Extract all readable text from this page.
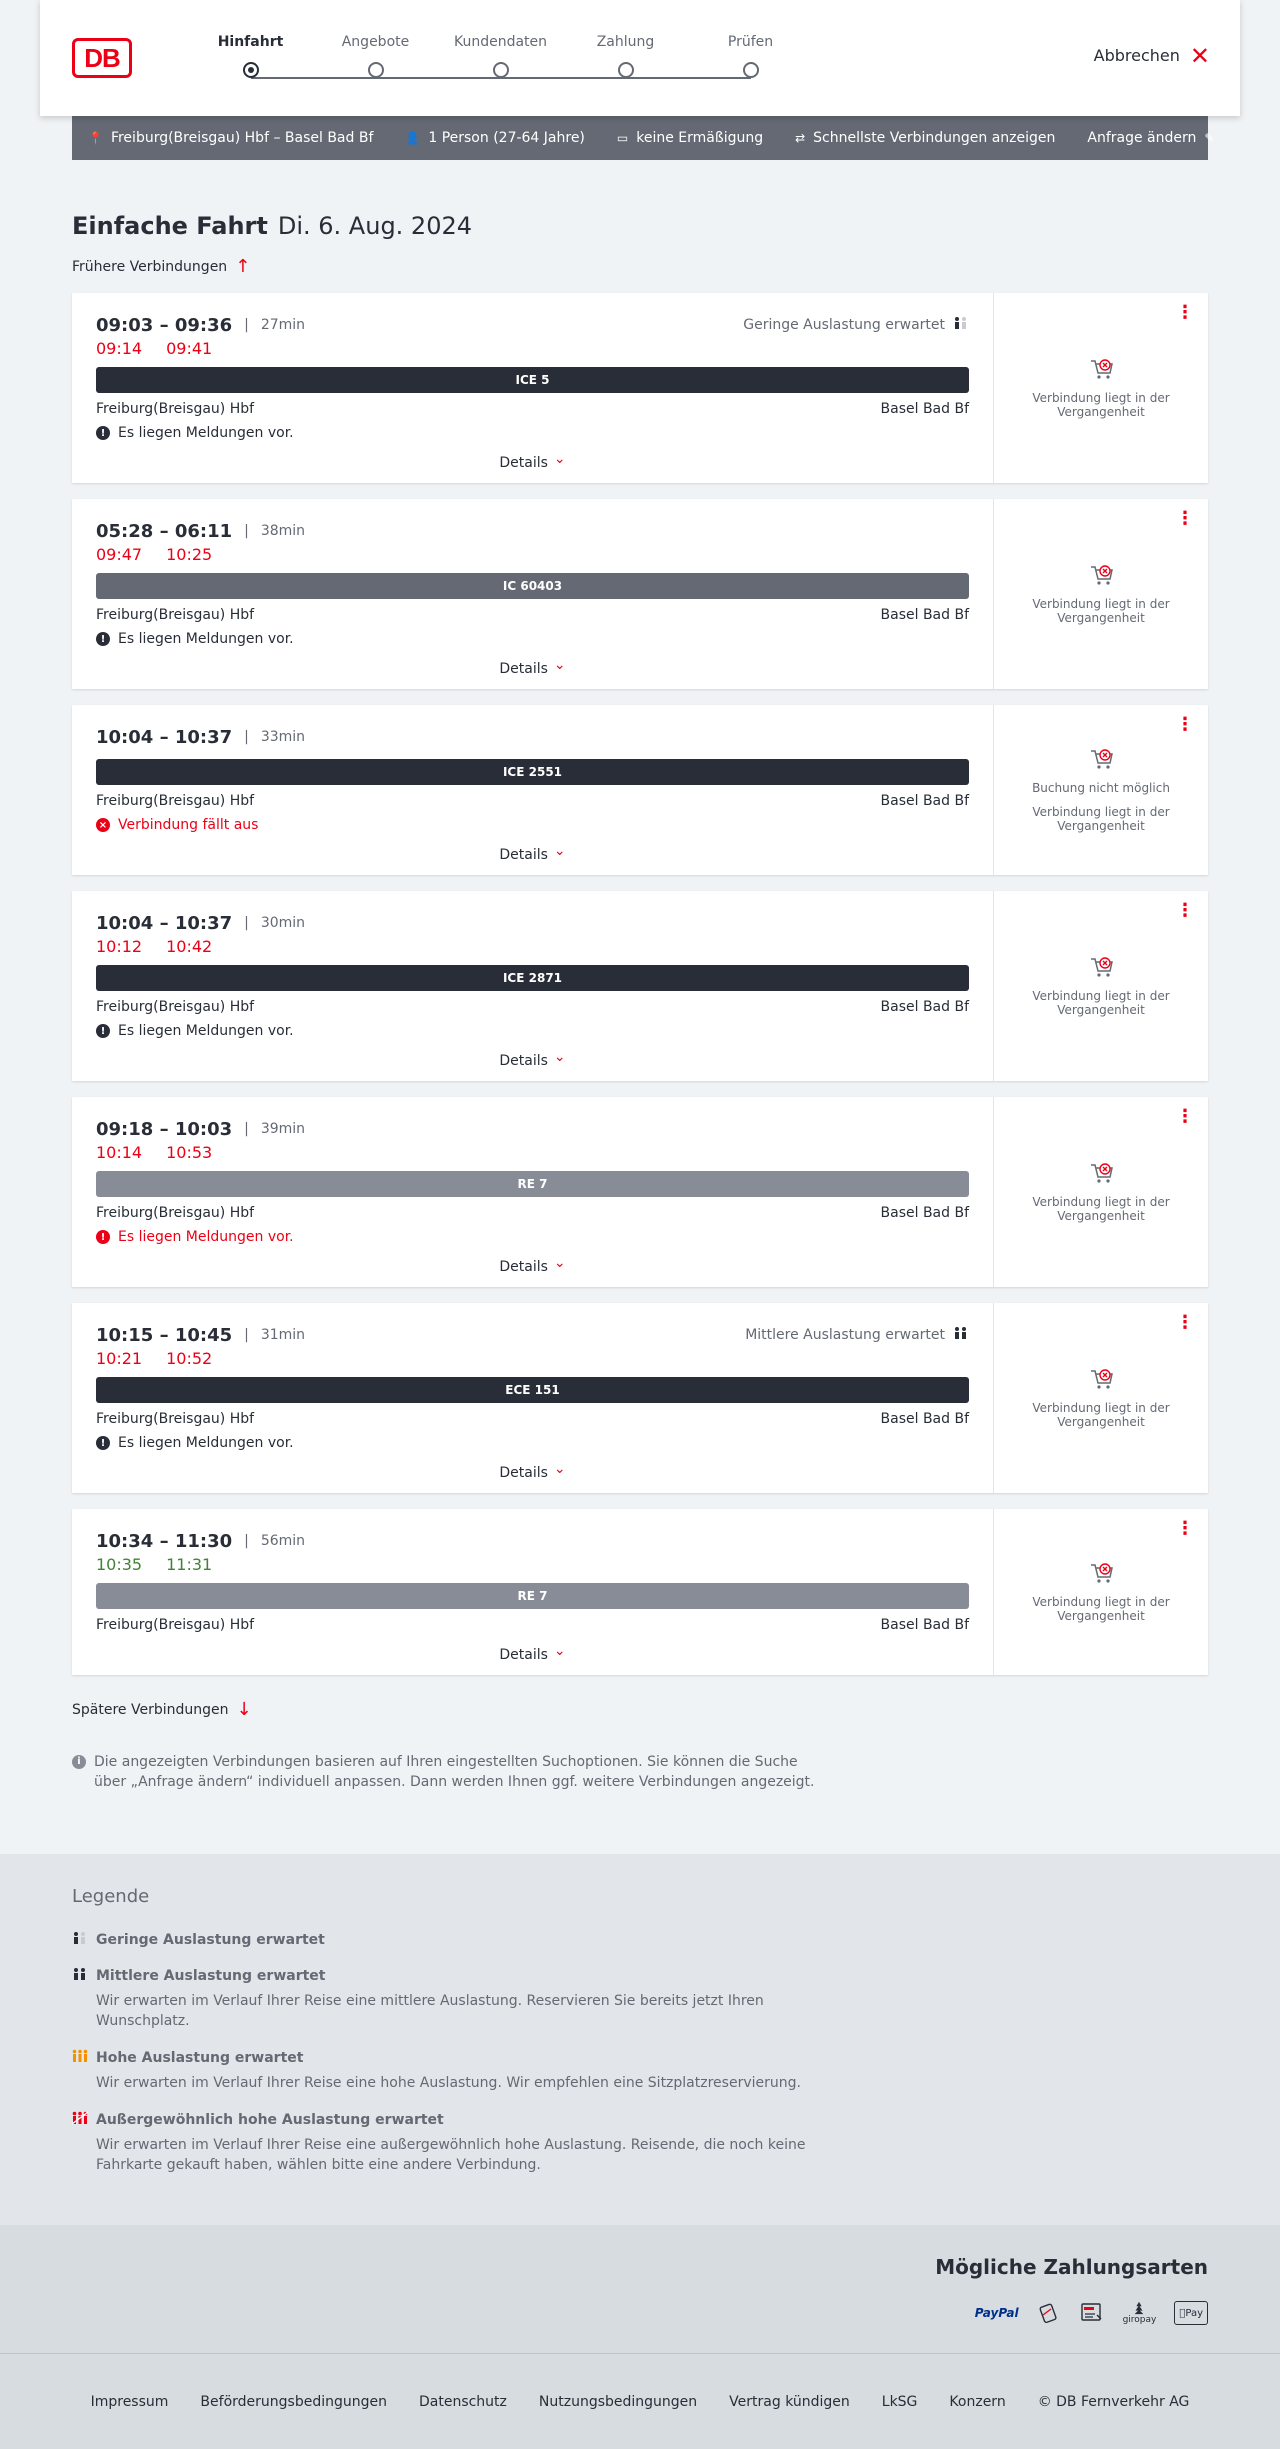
DB
Hinfahrt	Angebote	Kundendaten	Zahlung	Prüfen
Abbrechen ✕
📍 Freiburg(Breisgau) Hbf – Basel Bad Bf	👤 1 Person (27-64 Jahre)	▭ keine Ermäßigung	⇄ Schnellste Verbindungen anzeigen Anfrage ändern ✎
Einfache Fahrt Di. 6. Aug. 2024
Frühere Verbindungen ↑
09:03 – 09:36 | 27min	Geringe Auslastung erwartet
09:14 09:41
ICE 5
Freiburg(Breisgau) Hbf	Basel Bad Bf
! Es liegen Meldungen vor.
Details ⌄
⋮
Verbindung liegt in der Vergangenheit
05:28 – 06:11 | 38min
09:47 10:25
IC 60403
Freiburg(Breisgau) Hbf	Basel Bad Bf
! Es liegen Meldungen vor.
Details ⌄
⋮
Verbindung liegt in der Vergangenheit
10:04 – 10:37 | 33min
ICE 2551
Freiburg(Breisgau) Hbf	Basel Bad Bf
× Verbindung fällt aus
Details ⌄
⋮
Buchung nicht möglich
Verbindung liegt in der Vergangenheit
10:04 – 10:37 | 30min
10:12 10:42
ICE 2871
Freiburg(Breisgau) Hbf	Basel Bad Bf
! Es liegen Meldungen vor.
Details ⌄
⋮
Verbindung liegt in der Vergangenheit
09:18 – 10:03 | 39min
10:14 10:53
RE 7
Freiburg(Breisgau) Hbf	Basel Bad Bf
! Es liegen Meldungen vor.
Details ⌄
⋮
Verbindung liegt in der Vergangenheit
10:15 – 10:45 | 31min	Mittlere Auslastung erwartet
10:21 10:52
ECE 151
Freiburg(Breisgau) Hbf	Basel Bad Bf
! Es liegen Meldungen vor.
Details ⌄
⋮
Verbindung liegt in der Vergangenheit
10:34 – 11:30 | 56min
10:35 11:31
RE 7
Freiburg(Breisgau) Hbf	Basel Bad Bf
Details ⌄
⋮
Verbindung liegt in der Vergangenheit
Spätere Verbindungen ↓
i Die angezeigten Verbindungen basieren auf Ihren eingestellten Suchoptionen. Sie können die Suche über „Anfrage ändern“ individuell anpassen. Dann werden Ihnen ggf. weitere Verbindungen angezeigt.
Legende
Geringe Auslastung erwartet
Mittlere Auslastung erwartet
Wir erwarten im Verlauf Ihrer Reise eine mittlere Auslastung. Reservieren Sie bereits jetzt Ihren Wunschplatz.
Hohe Auslastung erwartet
Wir erwarten im Verlauf Ihrer Reise eine hohe Auslastung. Wir empfehlen eine Sitzplatzreservierung.
Außergewöhnlich hohe Auslastung erwartet
Wir erwarten im Verlauf Ihrer Reise eine außergewöhnlich hohe Auslastung. Reisende, die noch keine Fahrkarte gekauft haben, wählen bitte eine andere Verbindung.
Mögliche Zahlungsarten
PayPal	giropay
Pay
Impressum Beförderungsbedingungen Datenschutz Nutzungsbedingungen Vertrag kündigen LkSG Konzern © DB Fernverkehr AG
